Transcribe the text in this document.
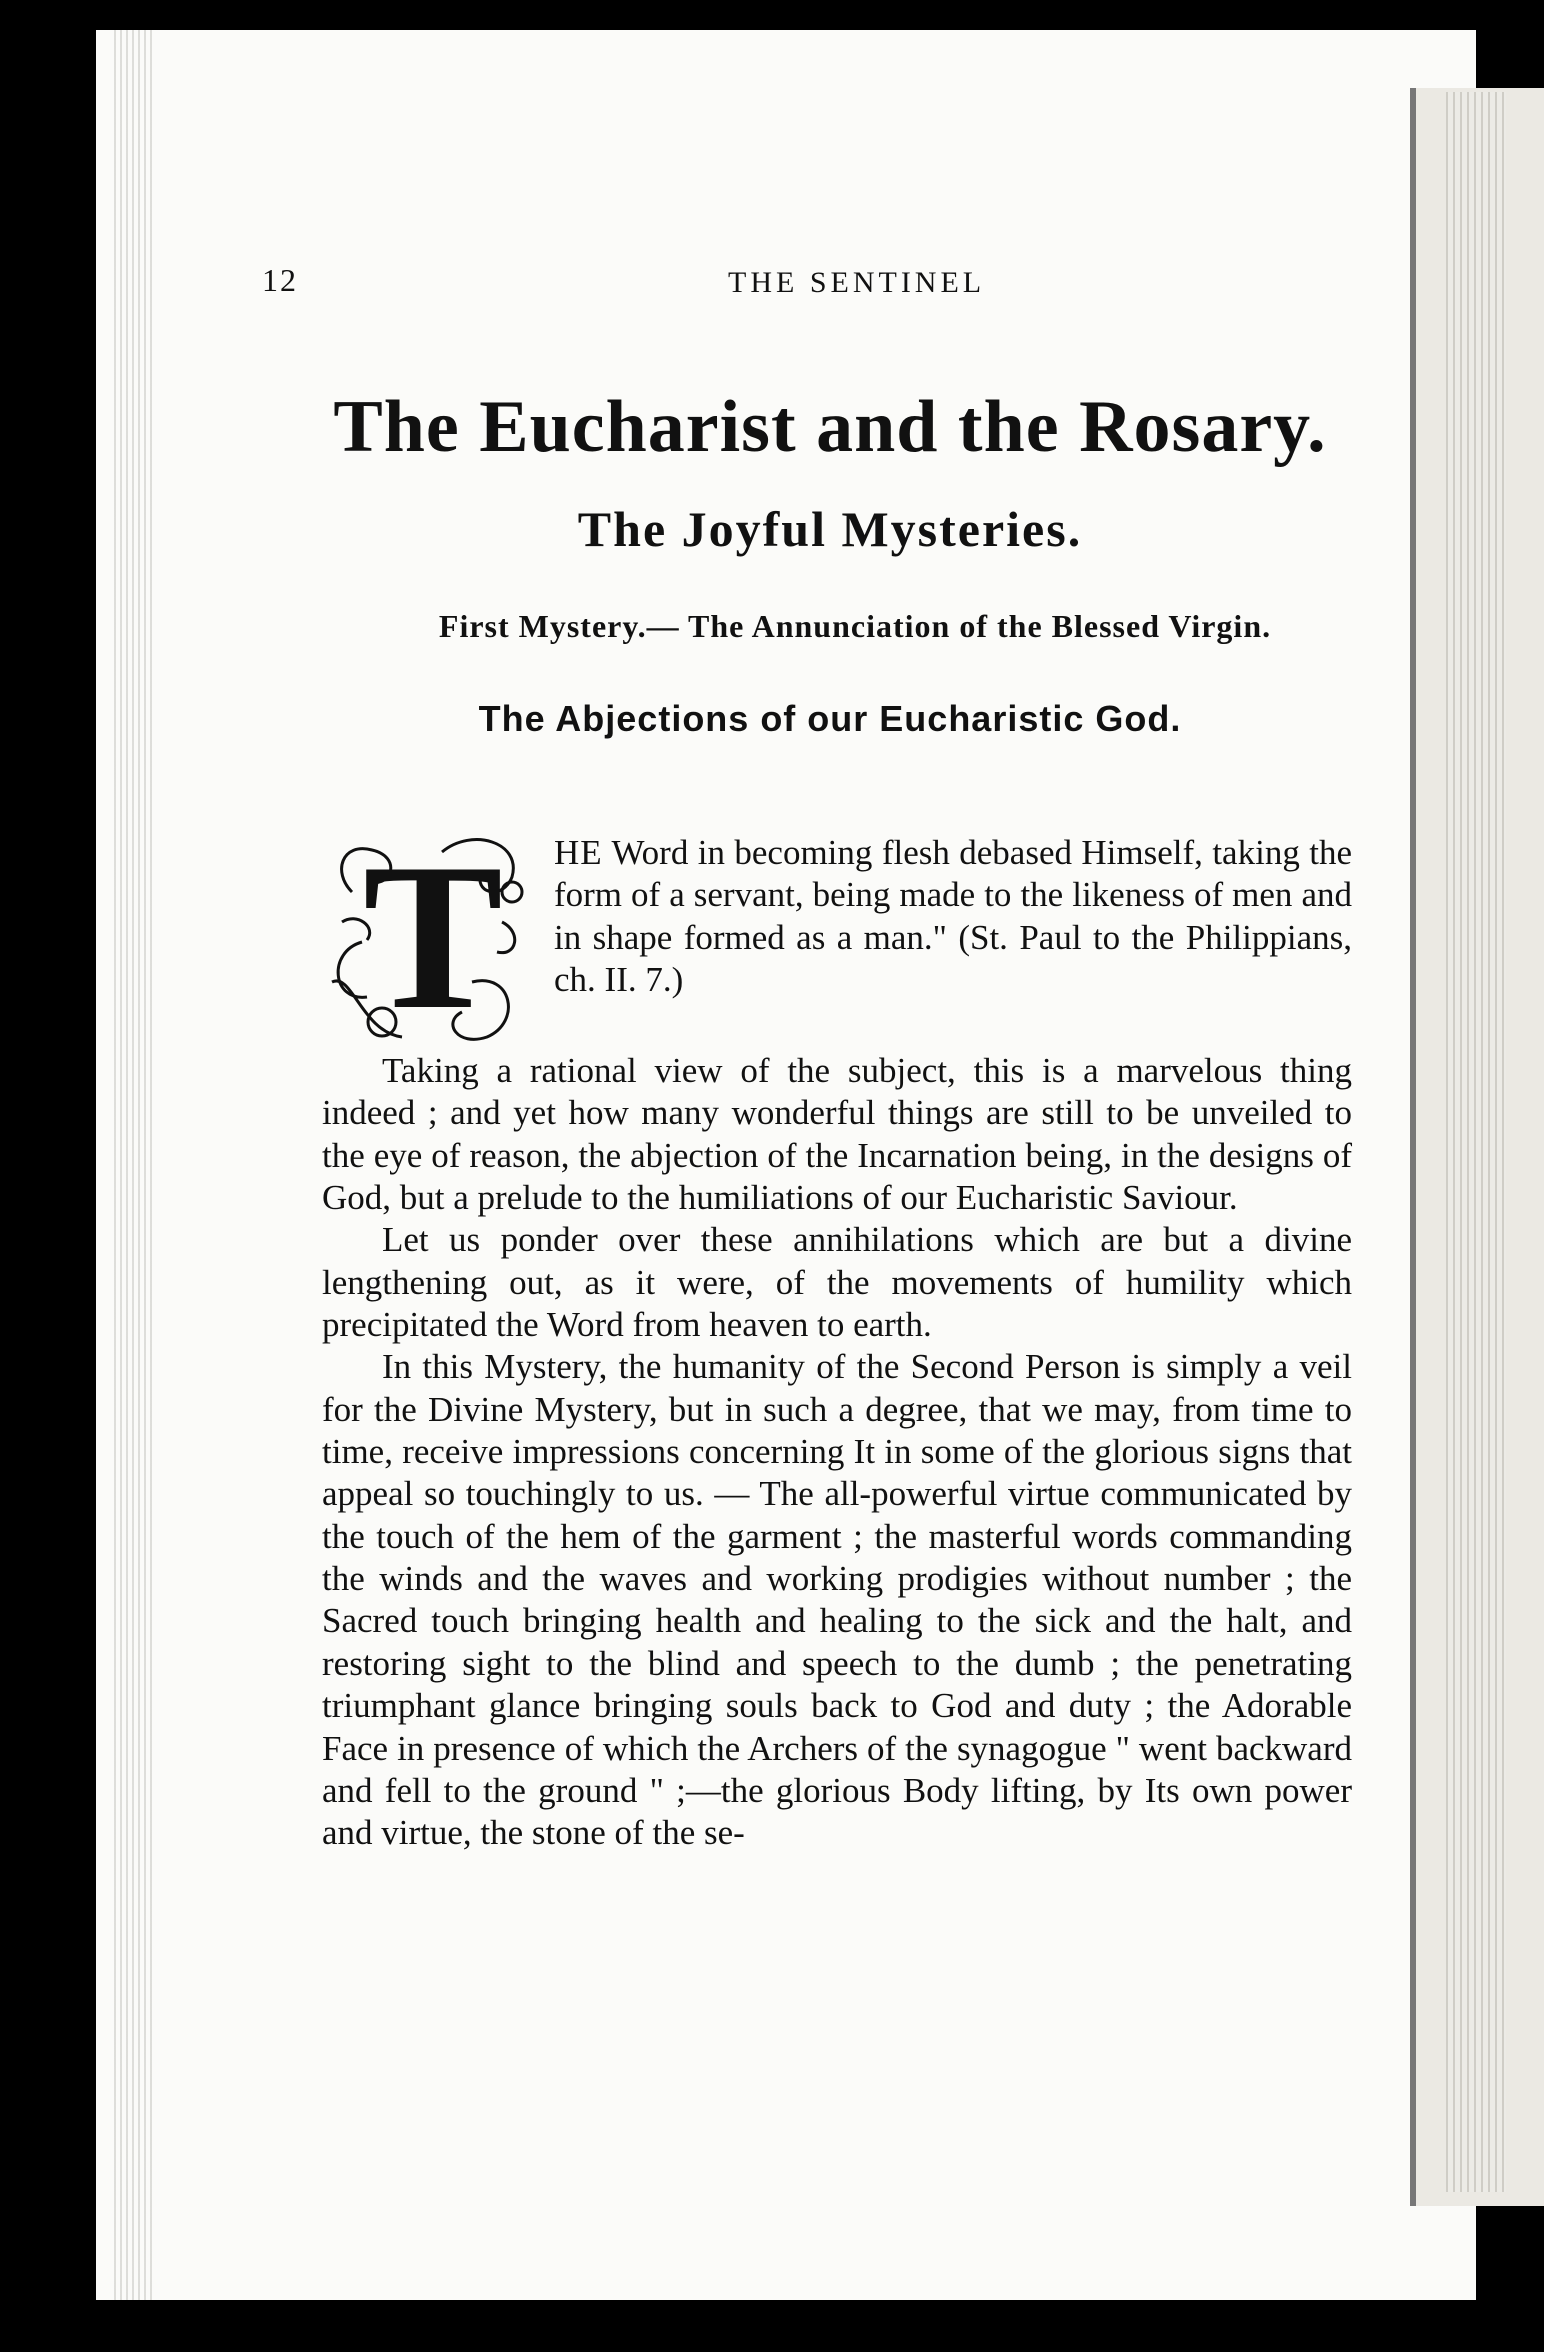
12	THE SENTINEL
The Eucharist and the Rosary.
The Joyful Mysteries.
First Mystery.— The Annunciation of the Blessed Virgin.
The Abjections of our Eucharistic God.
T	HE Word in becoming flesh debased Himself, taking the form of a servant, being made to the likeness of men and in shape formed as a man." (St. Paul to the Philippians, ch. II. 7.)

Taking a rational view of the subject, this is a marvelous thing indeed ; and yet how many wonderful things are still to be unveiled to the eye of reason, the abjection of the Incarnation being, in the designs of God, but a prelude to the humiliations of our Eucharistic Saviour.

Let us ponder over these annihilations which are but a divine lengthening out, as it were, of the movements of humility which precipitated the Word from heaven to earth.

In this Mystery, the humanity of the Second Person is simply a veil for the Divine Mystery, but in such a degree, that we may, from time to time, receive impressions concerning It in some of the glorious signs that appeal so touchingly to us. — The all-powerful virtue communicated by the touch of the hem of the garment ; the masterful words commanding the winds and the waves and working prodigies without number ; the Sacred touch bringing health and healing to the sick and the halt, and restoring sight to the blind and speech to the dumb ; the penetrating triumphant glance bringing souls back to God and duty ; the Adorable Face in presence of which the Archers of the synagogue " went backward and fell to the ground " ;—the glorious Body lifting, by Its own power and virtue, the stone of the se-
